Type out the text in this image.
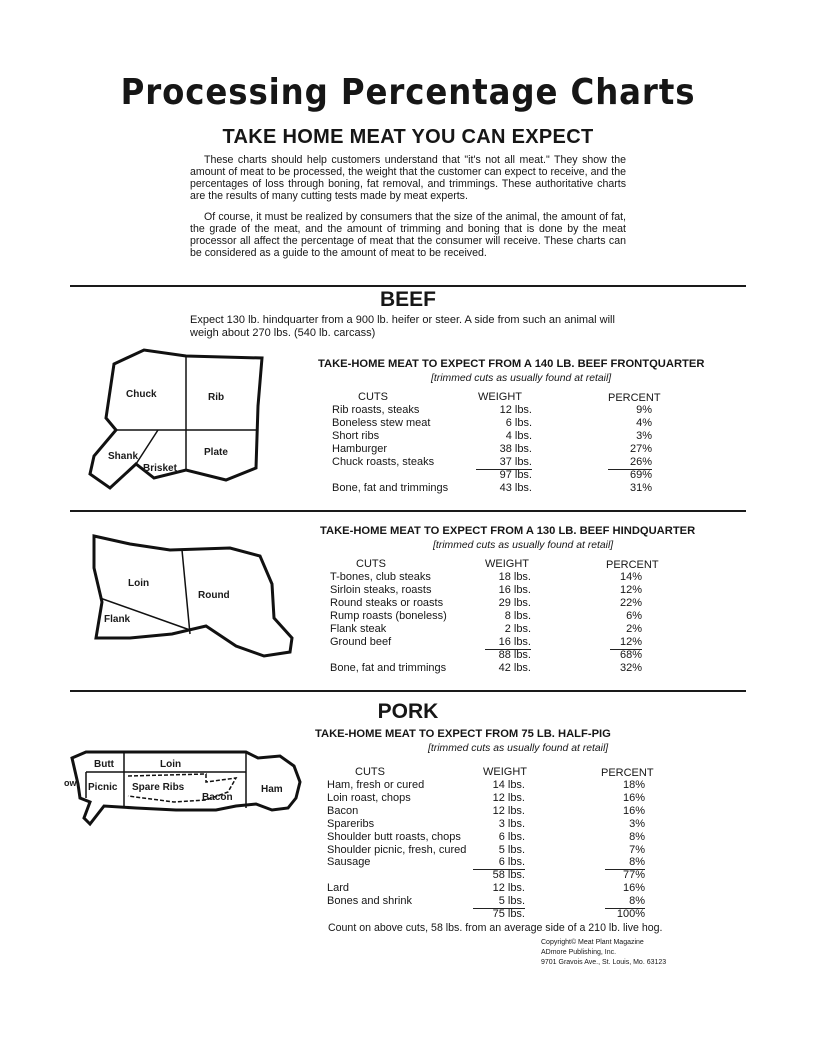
Processing Percentage Charts
TAKE HOME MEAT YOU CAN EXPECT
These charts should help customers understand that "it's not all meat." They show the amount of meat to be processed, the weight that the customer can expect to receive, and the percentages of loss through boning, fat removal, and trimmings. These authoritative charts are the results of many cutting tests made by meat experts.
Of course, it must be realized by consumers that the size of the animal, the amount of fat, the grade of the meat, and the amount of trimming and boning that is done by the meat processor all affect the percentage of meat that the consumer will receive. These charts can be considered as a guide to the amount of meat to be received.
BEEF
Expect 130 lb. hindquarter from a 900 lb. heifer or steer. A side from such an animal will weigh about 270 lbs. (540 lb. carcass)
Chuck	Rib
Shank
Brisket
Plate
TAKE-HOME MEAT TO EXPECT FROM A 140 LB. BEEF FRONTQUARTER
[trimmed cuts as usually found at retail]
CUTS	WEIGHT	PERCENT
Rib roasts, steaks	12 lbs.	9%
Boneless stew meat	6 lbs.	4%
Short ribs	4 lbs.	3%
Hamburger	38 lbs.	27%
Chuck roasts, steaks	37 lbs.	26%
97 lbs.	69%
Bone, fat and trimmings	43 lbs.	31%
Loin
Round
Flank
TAKE-HOME MEAT TO EXPECT FROM A 130 LB. BEEF HINDQUARTER
[trimmed cuts as usually found at retail]
CUTS	WEIGHT	PERCENT
T-bones, club steaks	18 lbs.	14%
Sirloin steaks, roasts	16 lbs.	12%
Round steaks or roasts	29 lbs.	22%
Rump roasts (boneless)	8 lbs.	6%
Flank steak	2 lbs.	2%
Ground beef	16 lbs.	12%
88 lbs.	68%
Bone, fat and trimmings	42 lbs.	32%
PORK
Butt	Loin
Picnic Spare Ribs
Bacon
Ham
owl
TAKE-HOME MEAT TO EXPECT FROM 75 LB. HALF-PIG
[trimmed cuts as usually found at retail]
CUTS	WEIGHT	PERCENT
Ham, fresh or cured	14 lbs.	18%
Loin roast, chops	12 lbs.	16%
Bacon	12 lbs.	16%
Spareribs	3 lbs.	3%
Shoulder butt roasts, chops	6 lbs.	8%
Shoulder picnic, fresh, cured	5 lbs.	7%
Sausage	6 lbs.	8%
58 lbs.	77%
Lard	12 lbs.	16%
Bones and shrink	5 lbs.	8%
75 lbs.	100%
Count on above cuts, 58 lbs. from an average side of a 210 lb. live hog.
Copyright© Meat Plant Magazine
ADmore Publishing, Inc.
9701 Gravois Ave., St. Louis, Mo. 63123
